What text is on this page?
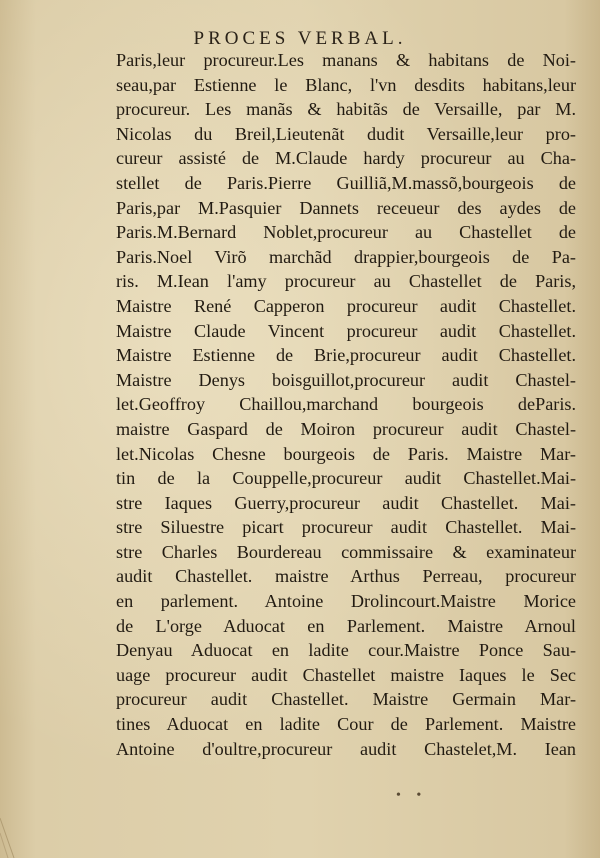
PROCES VERBAL.
Paris,leur procureur.Les manans & habitans de Noi-
seau,par Estienne le Blanc, l'vn desdits habitans,leur
procureur. Les manãs & habitãs de Versaille, par M.
Nicolas du Breil,Lieutenãt dudit Versaille,leur pro-
cureur assisté de M.Claude hardy procureur au Cha-
stellet de Paris.Pierre Guilliã,M.massõ,bourgeois de
Paris,par M.Pasquier Dannets receueur des aydes de
Paris.M.Bernard Noblet,procureur au Chastellet de
Paris.Noel Virõ marchãd drappier,bourgeois de Pa-
ris. M.Iean l'amy procureur au Chastellet de Paris,
Maistre René Capperon procureur audit Chastellet.
Maistre Claude Vincent procureur audit Chastellet.
Maistre Estienne de Brie,procureur audit Chastellet.
Maistre Denys boisguillot,procureur audit Chastel-
let.Geoffroy Chaillou,marchand bourgeois deParis.
maistre Gaspard de Moiron procureur audit Chastel-
let.Nicolas Chesne bourgeois de Paris. Maistre Mar-
tin de la Couppelle,procureur audit Chastellet.Mai-
stre Iaques Guerry,procureur audit Chastellet. Mai-
stre Siluestre picart procureur audit Chastellet. Mai-
stre Charles Bourdereau commissaire & examinateur
audit Chastellet. maistre Arthus Perreau, procureur
en parlement. Antoine Drolincourt.Maistre Morice
de L'orge Aduocat en Parlement. Maistre Arnoul
Denyau Aduocat en ladite cour.Maistre Ponce Sau-
uage procureur audit Chastellet maistre Iaques le Sec
procureur audit Chastellet. Maistre Germain Mar-
tines Aduocat en ladite Cour de Parlement. Maistre
Antoine d'oultre,procureur audit Chastelet,M. Iean
• •
